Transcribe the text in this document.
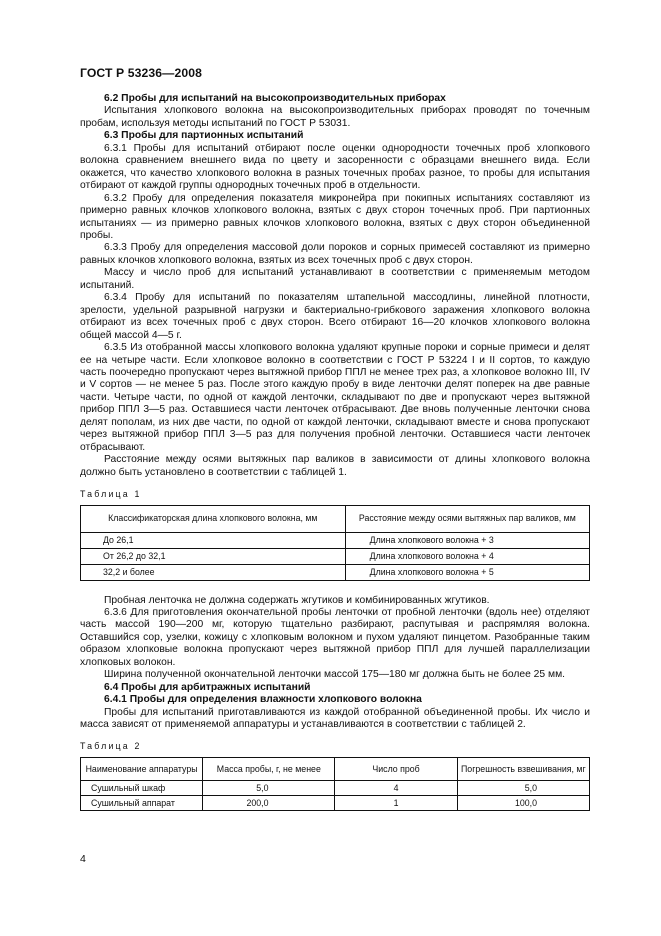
ГОСТ Р 53236—2008

6.2 Пробы для испытаний на высокопроизводительных приборах

Испытания хлопкового волокна на высокопроизводительных приборах проводят по точечным пробам, используя методы испытаний по ГОСТ Р 53031.

6.3 Пробы для партионных испытаний

6.3.1 Пробы для испытаний отбирают после оценки однородности точечных проб хлопкового волокна сравнением внешнего вида по цвету и засоренности с образцами внешнего вида. Если окажется, что качество хлопкового волокна в разных точечных пробах разное, то пробы для испытания отбирают от каждой группы однородных точечных проб в отдельности.

6.3.2 Пробу для определения показателя микронейра при покипных испытаниях составляют из примерно равных клочков хлопкового волокна, взятых с двух сторон точечных проб. При партионных испытаниях — из примерно равных клочков хлопкового волокна, взятых с двух сторон объединенной пробы.

6.3.3 Пробу для определения массовой доли пороков и сорных примесей составляют из примерно равных клочков хлопкового волокна, взятых из всех точечных проб с двух сторон.

Массу и число проб для испытаний устанавливают в соответствии с применяемым методом испытаний.

6.3.4 Пробу для испытаний по показателям штапельной массодлины, линейной плотности, зрелости, удельной разрывной нагрузки и бактериально-грибкового заражения хлопкового волокна отбирают из всех точечных проб с двух сторон. Всего отбирают 16—20 клочков хлопкового волокна общей массой 4—5 г.

6.3.5 Из отобранной массы хлопкового волокна удаляют крупные пороки и сорные примеси и делят ее на четыре части. Если хлопковое волокно в соответствии с ГОСТ Р 53224 I и II сортов, то каждую часть поочередно пропускают через вытяжной прибор ППЛ не менее трех раз, а хлопковое волокно III, IV и V сортов — не менее 5 раз. После этого каждую пробу в виде ленточки делят поперек на две равные части. Четыре части, по одной от каждой ленточки, складывают по две и пропускают через вытяжной прибор ППЛ 3—5 раз. Оставшиеся части ленточек отбрасывают. Две вновь полученные ленточки снова делят пополам, из них две части, по одной от каждой ленточки, складывают вместе и снова пропускают через вытяжной прибор ППЛ 3—5 раз для получения пробной ленточки. Оставшиеся части ленточек отбрасывают.

Расстояние между осями вытяжных пар валиков в зависимости от длины хлопкового волокна должно быть установлено в соответствии с таблицей 1.

Таблица 1

Классификаторская длина хлопкового волокна, мм	Расстояние между осями вытяжных пар валиков, мм
До 26,1	Длина хлопкового волокна + 3
От 26,2 до 32,1	Длина хлопкового волокна + 4
32,2 и более	Длина хлопкового волокна + 5

Пробная ленточка не должна содержать жгутиков и комбинированных жгутиков.

6.3.6 Для приготовления окончательной пробы ленточки от пробной ленточки (вдоль нее) отделяют часть массой 190—200 мг, которую тщательно разбирают, распутывая и распрямляя волокна. Оставшийся сор, узелки, кожицу с хлопковым волокном и пухом удаляют пинцетом. Разобранные таким образом хлопковые волокна пропускают через вытяжной прибор ППЛ для лучшей параллелизации хлопковых волокон.

Ширина полученной окончательной ленточки массой 175—180 мг должна быть не более 25 мм.

6.4 Пробы для арбитражных испытаний

6.4.1 Пробы для определения влажности хлопкового волокна

Пробы для испытаний приготавливаются из каждой отобранной объединенной пробы. Их число и масса зависят от применяемой аппаратуры и устанавливаются в соответствии с таблицей 2.

Таблица 2

Наименование аппаратуры	Масса пробы, г, не менее	Число проб	Погрешность взвешивания, мг
Сушильный шкаф	5,0	4	5,0
Сушильный аппарат	200,0	1	100,0
4
